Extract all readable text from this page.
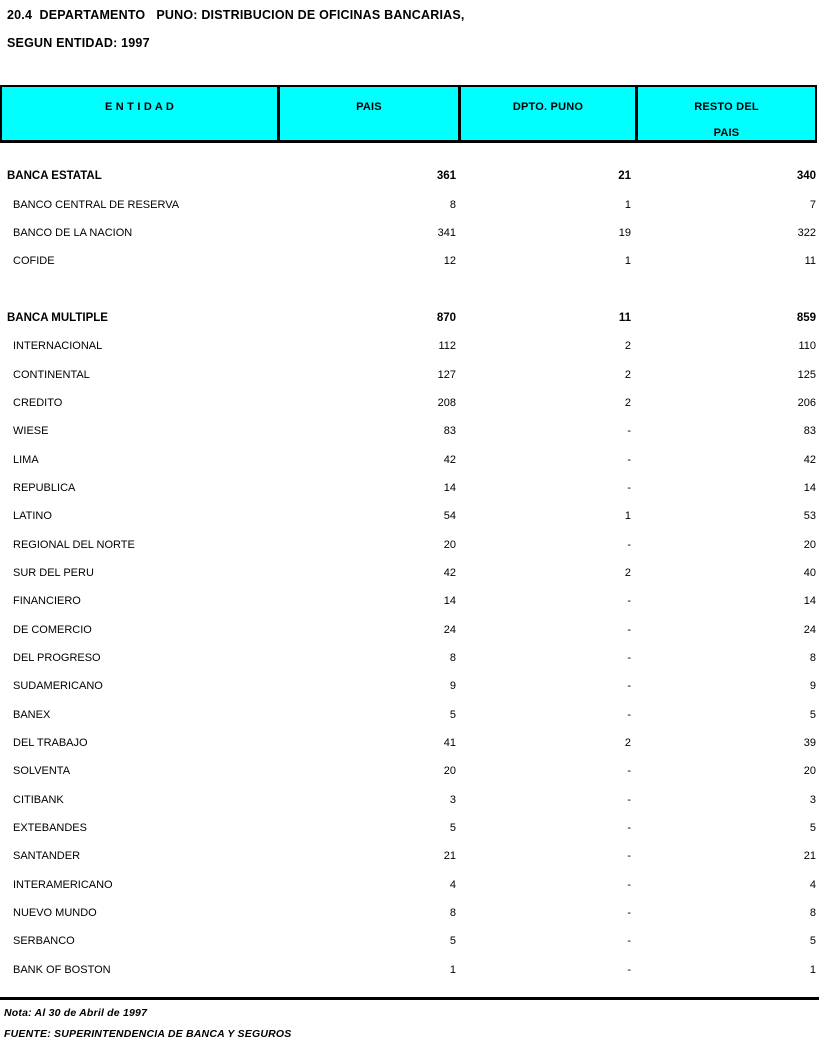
20.4  DEPARTAMENTO   PUNO: DISTRIBUCION DE OFICINAS BANCARIAS,
SEGUN ENTIDAD: 1997
E N T I D A D	PAIS	DPTO. PUNO	RESTO DEL
PAIS
BANCA ESTATAL	361	21	340
BANCO CENTRAL DE RESERVA	8	1	7
BANCO DE LA NACION	341	19	322
COFIDE	12	1	11
BANCA MULTIPLE	870	11	859
INTERNACIONAL	112	2	110
CONTINENTAL	127	2	125
CREDITO	208	2	206
WIESE	83	-	83
LIMA	42	-	42
REPUBLICA	14	-	14
LATINO	54	1	53
REGIONAL DEL NORTE	20	-	20
SUR DEL PERU	42	2	40
FINANCIERO	14	-	14
DE COMERCIO	24	-	24
DEL PROGRESO	8	-	8
SUDAMERICANO	9	-	9
BANEX	5	-	5
DEL TRABAJO	41	2	39
SOLVENTA	20	-	20
CITIBANK	3	-	3
EXTEBANDES	5	-	5
SANTANDER	21	-	21
INTERAMERICANO	4	-	4
NUEVO MUNDO	8	-	8
SERBANCO	5	-	5
BANK OF BOSTON	1	-	1
Nota: Al 30 de Abril de 1997
FUENTE: SUPERINTENDENCIA DE BANCA Y SEGUROS
